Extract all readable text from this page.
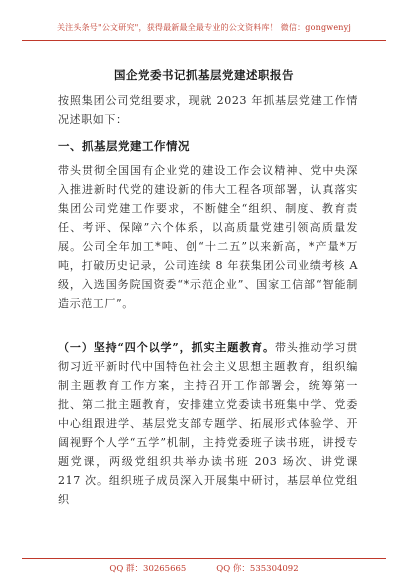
关注头条号"公文研究"，获得最新最全最专业的公文资料库！ 微信：gongwenyj
国企党委书记抓基层党建述职报告
按照集团公司党组要求，现就 2023 年抓基层党建工作情况述职如下：
一、抓基层党建工作情况
带头贯彻全国国有企业党的建设工作会议精神、党中央深入推进新时代党的建设新的伟大工程各项部署，认真落实集团公司党建工作要求，不断健全“组织、制度、教育责任、考评、保障”六个体系，以高质量党建引领高质量发展。公司全年加工*吨、创“十二五”以来新高，*产量*万吨，打破历史记录，公司连续 8 年获集团公司业绩考核 A 级，入选国务院国资委“*示范企业”、国家工信部“智能制造示范工厂”。
（一）坚持“四个以学”，抓实主题教育。带头推动学习贯彻习近平新时代中国特色社会主义思想主题教育，组织编制主题教育工作方案，主持召开工作部署会，统筹第一批、第二批主题教育，安排建立党委读书班集中学、党委中心组跟进学、基层党支部专题学、拓展形式体验学、开阔视野个人学“五学”机制，主持党委班子读书班，讲授专题党课，两级党组织共举办读书班 203 场次、讲党课 217 次。组织班子成员深入开展集中研讨，基层单位党组织
QQ 群：30265665	QQ 你：535304092
